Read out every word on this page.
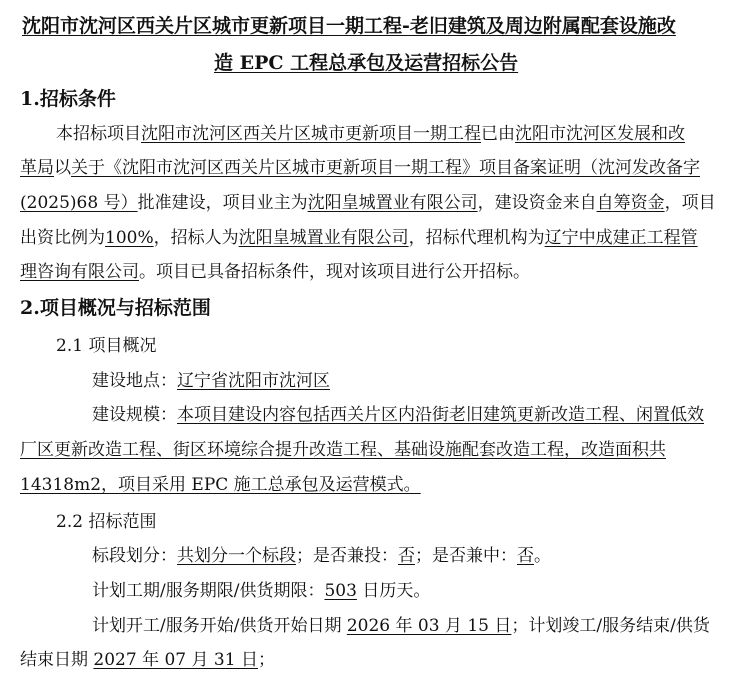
沈阳市沈河区西关片区城市更新项目一期工程-老旧建筑及周边附属配套设施改
造 EPC 工程总承包及运营招标公告
1.招标条件
本招标项目沈阳市沈河区西关片区城市更新项目一期工程已由沈阳市沈河区发展和改
革局以关于《沈阳市沈河区西关片区城市更新项目一期工程》项目备案证明（沈河发改备字
(2025)68 号）批准建设，项目业主为沈阳皇城置业有限公司，建设资金来自自筹资金，项目
出资比例为100%，招标人为沈阳皇城置业有限公司，招标代理机构为辽宁中成建正工程管
理咨询有限公司。项目已具备招标条件，现对该项目进行公开招标。
2.项目概况与招标范围
2.1 项目概况
建设地点：辽宁省沈阳市沈河区
建设规模：本项目建设内容包括西关片区内沿街老旧建筑更新改造工程、闲置低效
厂区更新改造工程、街区环境综合提升改造工程、基础设施配套改造工程，改造面积共
14318m2，项目采用 EPC 施工总承包及运营模式。
2.2 招标范围
标段划分：共划分一个标段；是否兼投：否；是否兼中：否。
计划工期/服务期限/供货期限：503 日历天。
计划开工/服务开始/供货开始日期 2026 年 03 月 15 日；计划竣工/服务结束/供货
结束日期 2027 年 07 月 31 日；
